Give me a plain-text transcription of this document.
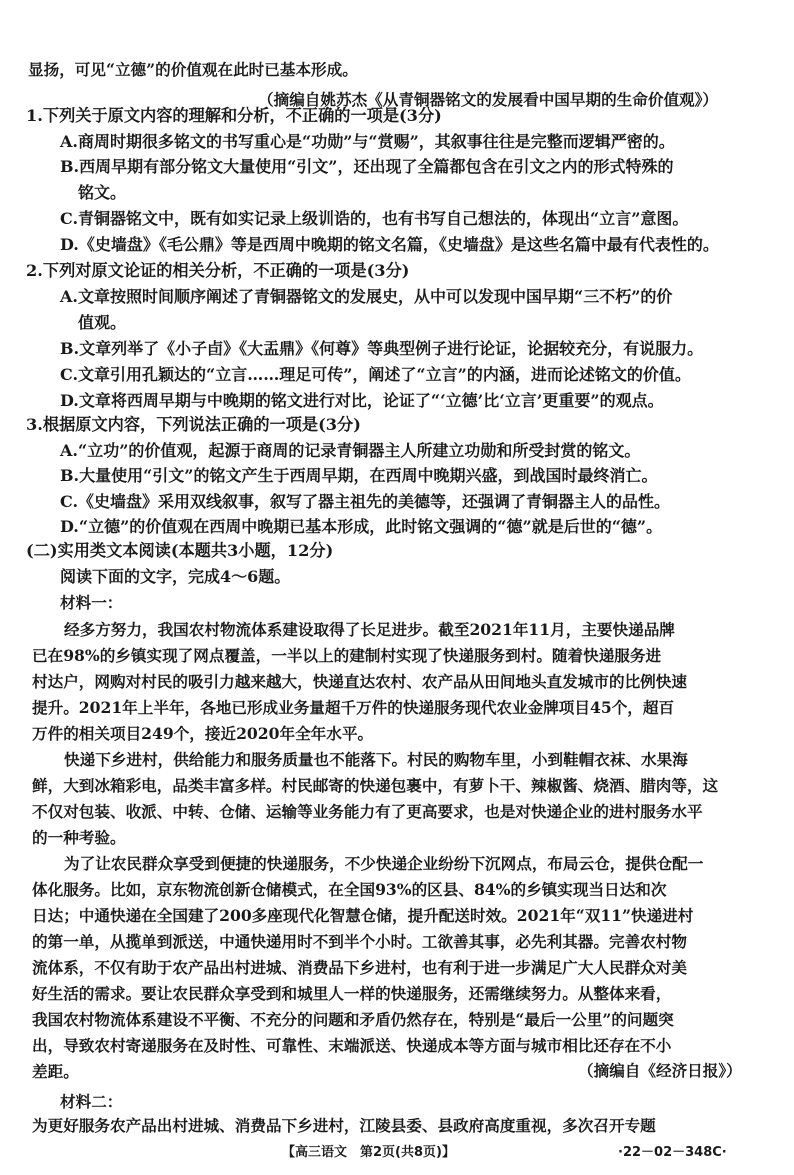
显扬，可见“立德”的价值观在此时已基本形成。
（摘编自姚苏杰《从青铜器铭文的发展看中国早期的生命价值观》）
1.下列关于原文内容的理解和分析，不正确的一项是(3分)
A.商周时期很多铭文的书写重心是“功勋”与“赏赐”，其叙事往往是完整而逻辑严密的。
B.西周早期有部分铭文大量使用“引文”，还出现了全篇都包含在引文之内的形式特殊的
铭文。
C.青铜器铭文中，既有如实记录上级训诰的，也有书写自己想法的，体现出“立言”意图。
D.《史墙盘》《毛公鼎》等是西周中晚期的铭文名篇，《史墙盘》是这些名篇中最有代表性的。
2.下列对原文论证的相关分析，不正确的一项是(3分)
A.文章按照时间顺序阐述了青铜器铭文的发展史，从中可以发现中国早期“三不朽”的价
值观。
B.文章列举了《小子卣》《大盂鼎》《何尊》等典型例子进行论证，论据较充分，有说服力。
C.文章引用孔颖达的“立言……理足可传”，阐述了“立言”的内涵，进而论述铭文的价值。
D.文章将西周早期与中晚期的铭文进行对比，论证了“‘立德’比‘立言’更重要”的观点。
3.根据原文内容，下列说法正确的一项是(3分)
A.“立功”的价值观，起源于商周的记录青铜器主人所建立功勋和所受封赏的铭文。
B.大量使用“引文”的铭文产生于西周早期，在西周中晚期兴盛，到战国时最终消亡。
C.《史墙盘》采用双线叙事，叙写了器主祖先的美德等，还强调了青铜器主人的品性。
D.“立德”的价值观在西周中晚期已基本形成，此时铭文强调的“德”就是后世的“德”。
(二)实用类文本阅读(本题共3小题，12分)
阅读下面的文字，完成4～6题。
材料一：
经多方努力，我国农村物流体系建设取得了长足进步。截至2021年11月，主要快递品牌
已在98%的乡镇实现了网点覆盖，一半以上的建制村实现了快递服务到村。随着快递服务进
村达户，网购对村民的吸引力越来越大，快递直达农村、农产品从田间地头直发城市的比例快速
提升。2021年上半年，各地已形成业务量超千万件的快递服务现代农业金牌项目45个，超百
万件的相关项目249个，接近2020年全年水平。
快递下乡进村，供给能力和服务质量也不能落下。村民的购物车里，小到鞋帽衣袜、水果海
鲜，大到冰箱彩电，品类丰富多样。村民邮寄的快递包裹中，有萝卜干、辣椒酱、烧酒、腊肉等，这
不仅对包装、收派、中转、仓储、运输等业务能力有了更高要求，也是对快递企业的进村服务水平
的一种考验。
为了让农民群众享受到便捷的快递服务，不少快递企业纷纷下沉网点，布局云仓，提供仓配一
体化服务。比如，京东物流创新仓储模式，在全国93%的区县、84%的乡镇实现当日达和次
日达；中通快递在全国建了200多座现代化智慧仓储，提升配送时效。2021年“双11”快递进村
的第一单，从揽单到派送，中通快递用时不到半个小时。工欲善其事，必先利其器。完善农村物
流体系，不仅有助于农产品出村进城、消费品下乡进村，也有利于进一步满足广大人民群众对美
好生活的需求。要让农民群众享受到和城里人一样的快递服务，还需继续努力。从整体来看，
我国农村物流体系建设不平衡、不充分的问题和矛盾仍然存在，特别是“最后一公里”的问题突
出，导致农村寄递服务在及时性、可靠性、末端派送、快递成本等方面与城市相比还存在不小
差距。	（摘编自《经济日报》）
材料二：
为更好服务农产品出村进城、消费品下乡进村，江陵县委、县政府高度重视，多次召开专题
【高三语文　第2页(共8页)】	·22－02－348C·
